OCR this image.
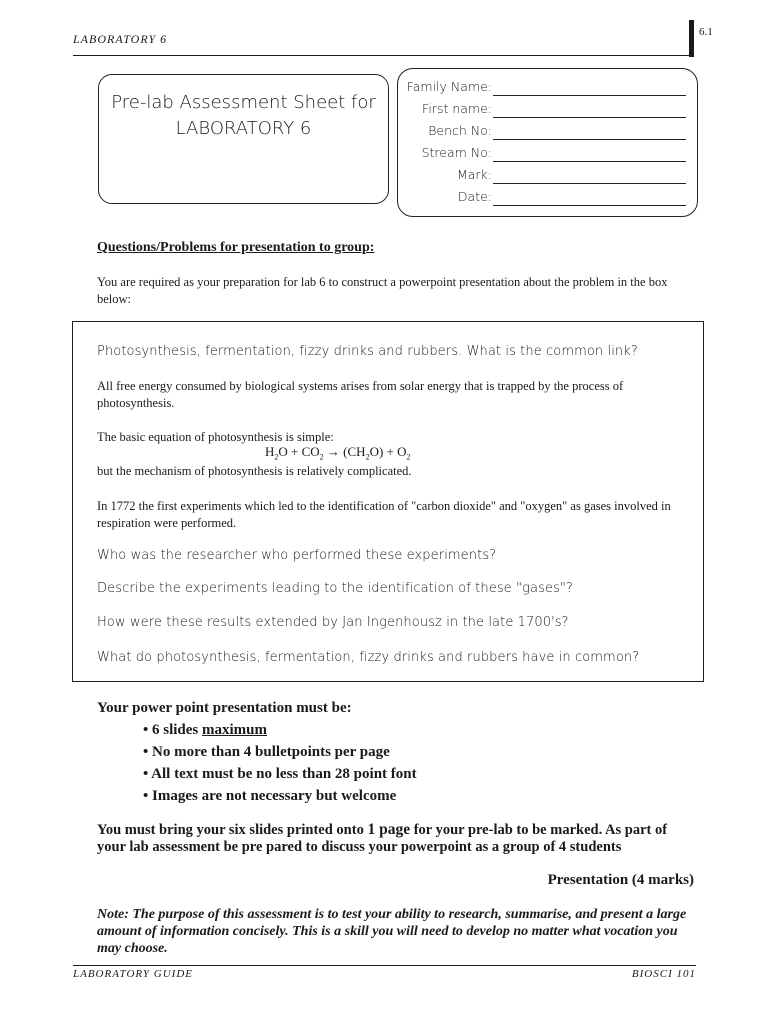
LABORATORY 6	6.1
Pre-lab Assessment Sheet for
LABORATORY 6
Family Name:
First name:
Bench No:
Stream No:
Mark:
Date:
Questions/Problems for presentation to group:
You are required as your preparation for lab 6 to construct a powerpoint presentation about the problem in the box below:
Photosynthesis, fermentation, fizzy drinks and rubbers. What is the common link?
All free energy consumed by biological systems arises from solar energy that is trapped by the process of photosynthesis.
The basic equation of photosynthesis is simple:
$H_2O + CO_2 \to (CH_2O) + O_2$
but the mechanism of photosynthesis is relatively complicated.
In 1772 the first experiments which led to the identification of "carbon dioxide" and "oxygen" as gases involved in respiration were performed.
Who was the researcher who performed these experiments?
Describe the experiments leading to the identification of these "gases"?
How were these results extended by Jan Ingenhousz in the late 1700's?
What do photosynthesis, fermentation, fizzy drinks and rubbers have in common?
Your power point presentation must be:
• 6 slides maximum
• No more than 4 bulletpoints per page
• All text must be no less than 28 point font
• Images are not necessary but welcome
You must bring your six slides printed onto 1 page for your pre-lab to be marked. As part of your lab assessment be pre pared to discuss your powerpoint as a group of 4 students
Presentation (4 marks)
Note: The purpose of this assessment is to test your ability to research, summarise, and present a large amount of information concisely. This is a skill you will need to develop no matter what vocation you may choose.
LABORATORY GUIDE	BIOSCI 101
